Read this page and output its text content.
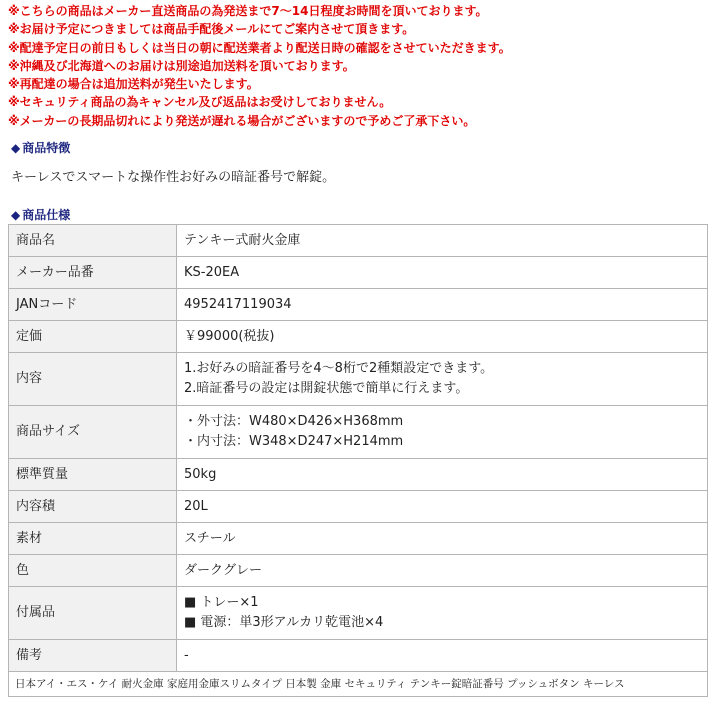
※こちらの商品はメーカー直送商品の為発送まで7～14日程度お時間を頂いております。
※お届け予定につきましては商品手配後メールにてご案内させて頂きます。
※配達予定日の前日もしくは当日の朝に配送業者より配送日時の確認をさせていただきます。
※沖縄及び北海道へのお届けは別途追加送料を頂いております。
※再配達の場合は追加送料が発生いたします。
※セキュリティ商品の為キャンセル及び返品はお受けしておりません。
※メーカーの長期品切れにより発送が遅れる場合がございますので予めご了承下さい。
◆ 商品特徴
キーレスでスマートな操作性お好みの暗証番号で解錠。
◆ 商品仕様
商品名	テンキー式耐火金庫

メーカー品番	KS-20EA

JANコード	4952417119034

定価	￥99000(税抜)

内容	1.お好みの暗証番号を4～8桁で2種類設定できます。
2.暗証番号の設定は開錠状態で簡単に行えます。

商品サイズ	・外寸法：W480×D426×H368mm
・内寸法：W348×D247×H214mm

標準質量	50kg

内容積	20L

素材	スチール

色	ダークグレー

付属品	■ トレー×1
■ 電源：単3形アルカリ乾電池×4

備考	-

日本アイ・エス・ケイ 耐火金庫 家庭用金庫スリムタイプ 日本製 金庫 セキュリティ テンキー錠暗証番号 プッシュボタン キーレス	
